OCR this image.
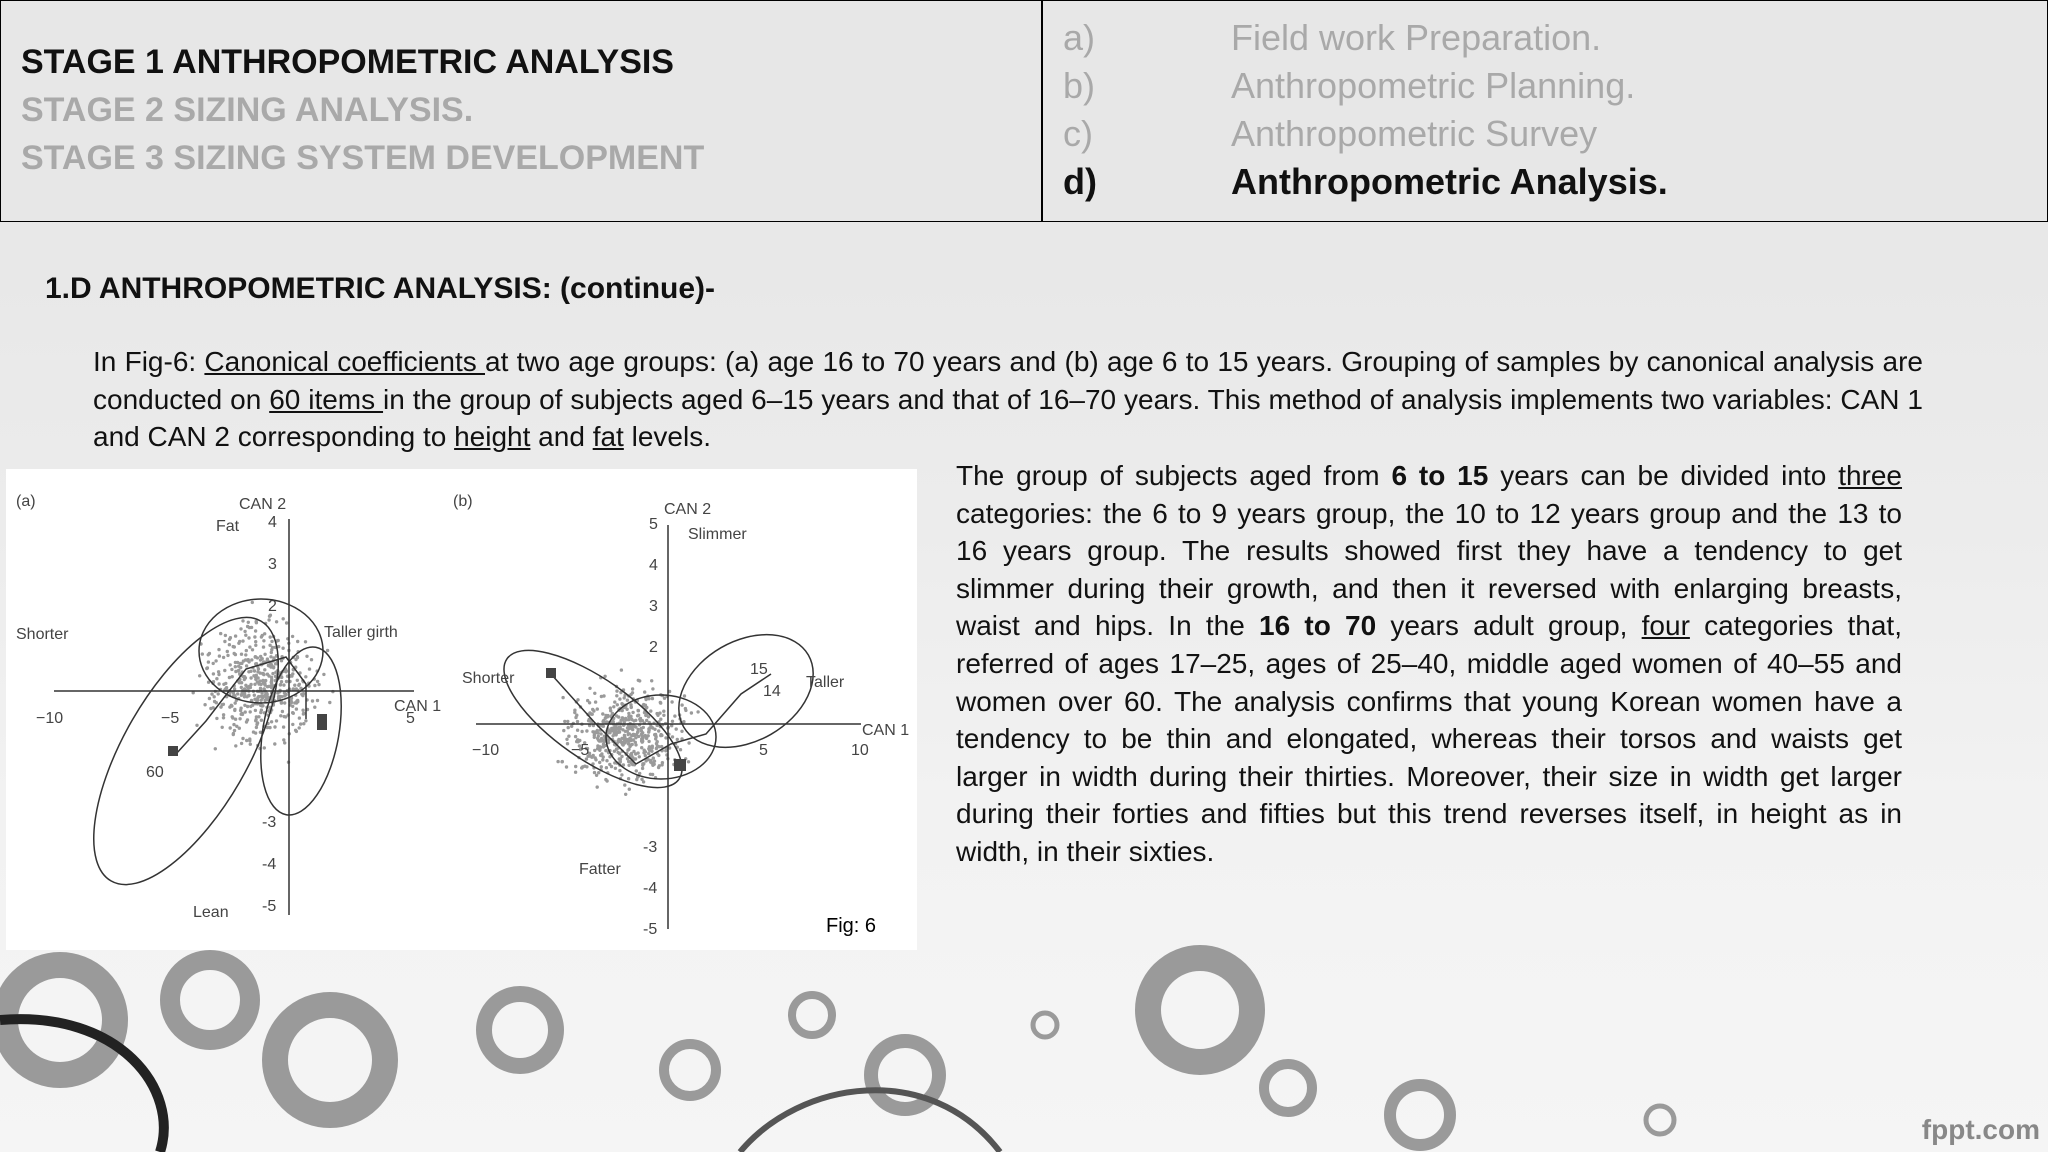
STAGE 1 ANTHROPOMETRIC ANALYSIS
STAGE 2 SIZING ANALYSIS.
STAGE 3 SIZING SYSTEM DEVELOPMENT
a)	Field work Preparation.
b)	Anthropometric Planning.
c)	Anthropometric Survey
d)	Anthropometric Analysis.
1.D ANTHROPOMETRIC ANALYSIS: (continue)-
In Fig-6: Canonical coefficients at two age groups: (a) age 16 to 70 years and (b) age 6 to 15 years. Grouping of samples by canonical analysis are conducted on 60 items in the group of subjects aged 6–15 years and that of 16–70 years. This method of analysis implements two variables: CAN 1 and CAN 2 corresponding to height and fat levels.
The group of subjects aged from 6 to 15 years can be divided into three categories: the 6 to 9 years group, the 10 to 12 years group and the 13 to 16 years group. The results showed first they have a tendency to get slimmer during their growth, and then it reversed with enlarging breasts, waist and hips. In the 16 to 70 years adult group, four categories that, referred of ages 17–25, ages of 25–40, middle aged women of 40–55 and women over 60. The analysis confirms that young Korean women have a tendency to be thin and elongated, whereas their torsos and waists get larger in width during their thirties. Moreover, their size in width get larger during their forties and fifties but this trend reverses itself, in height as in width, in their sixties.
(a)	CAN 2
Fat
Lean
Shorter	Taller girth
CAN 1
4
3
2
-3
-4
-5
−10	−5	5
60
(b)	CAN 2
Slimmer
Fatter
Shorter	Taller
CAN 1
5
4
3
2
-3
-4
-5
−10	−5	5	10
15
14
Fig: 6
fppt.com
